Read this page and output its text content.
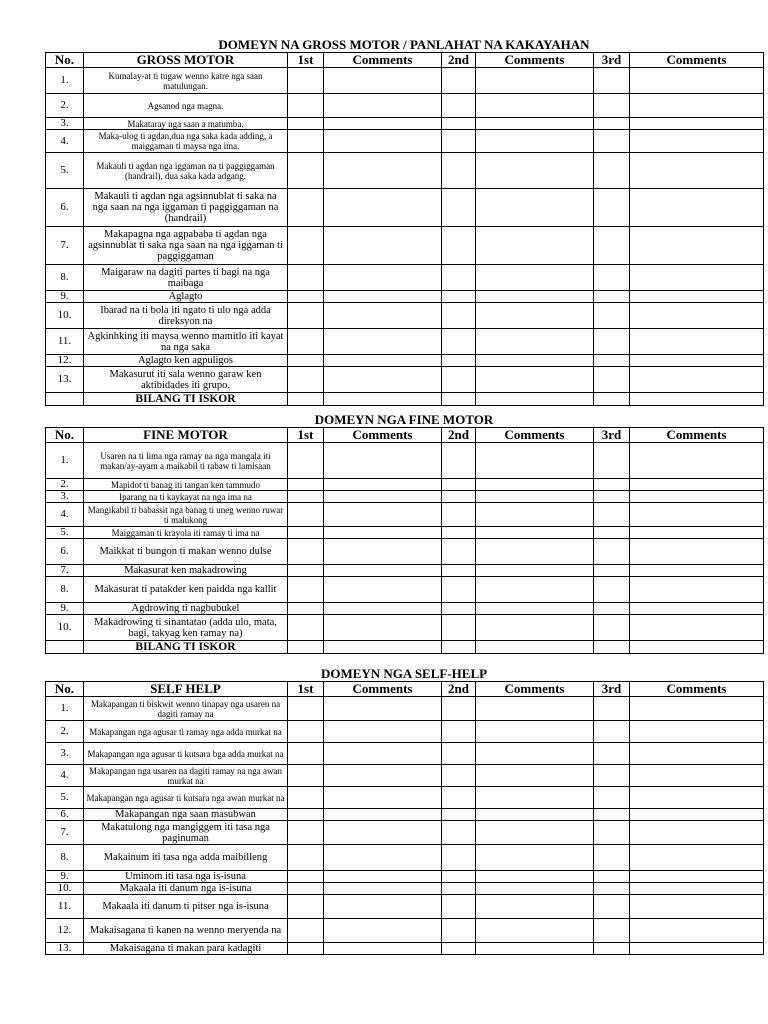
DOMEYN NA GROSS MOTOR / PANLAHAT NA KAKAYAHAN
No.	GROSS MOTOR	1st	Comments	2nd	Comments	3rd	Comments
1.	Kumalay-at ti tugaw wenno katre nga saan matulungan.						
2.	Agsanod nga magna.						
3.	Makataray nga saan a matumba.						
4.	Maka-ulog ti agdan,dua nga saka kada adding, a maiggaman ti maysa nga ima.						
5.	Makauli ti agdan nga iggaman na ti paggiggaman (handrail), dua saka kada adgang.						
6.	Makauli ti agdan nga agsinnublat ti saka na nga saan na nga iggaman ti paggiggaman na (handrail)						
7.	Makapagna nga agpababa ti agdan nga agsinnublat ti saka nga saan na nga iggaman ti paggiggaman						
8.	Maigaraw na dagiti partes ti bagi na nga maibaga						
9.	Aglagto						
10.	Ibarad na ti bola iti ngato ti ulo nga adda direksyon na						
11.	Agkinhking iti maysa wenno mamitlo iti kayat na nga saka						
12.	Aglagto ken agpuligos						
13.	Makasurut iti sala wenno garaw ken aktibidades iti grupo.						
	BILANG TI ISKOR						
DOMEYN NGA FINE MOTOR
No.	FINE MOTOR	1st	Comments	2nd	Comments	3rd	Comments
1.	Usaren na ti lima nga ramay na nga mangala iti makan/ay-ayam a maikabil ti rabaw ti lamisaan						
2.	Mapidot ti banag iti tangan ken tammudo						
3.	Iparang na ti kaykayat na nga ima na						
4.	Mangikabil ti babassit nga banag ti uneg wenno ruwar ti malukong						
5.	Maiggaman ti krayola iti ramay ti ima na						
6.	Maikkat ti bungon ti makan wenno dulse						
7.	Makasurat ken makadrowing						
8.	Makasurat ti patakder ken paidda nga kallit						
9.	Agdrowing ti nagbubukel						
10.	Makadrowing ti sinantatao (adda ulo, mata, bagi, takyag ken ramay na)						
	BILANG TI ISKOR						
DOMEYN NGA SELF-HELP
No.	SELF HELP	1st	Comments	2nd	Comments	3rd	Comments
1.	Makapangan ti biskwit wenno tinapay nga usaren na dagiti ramay na						
2.	Makapangan nga agusar ti ramay nga adda murkat na						
3.	Makapangan nga agusar ti kutsara bga adda murkat na						
4.	Makapangan nga usaren na dagiti ramay na nga awan murkat na						
5.	Makapangan nga agusar ti kutsara nga awan murkat na						
6.	Makapangan nga saan masubwan						
7.	Makatulong nga mangiggem iti tasa nga paginuman						
8.	Makainum iti tasa nga adda maibilleng						
9.	Uminom iti tasa nga is-isuna						
10.	Makaala iti danum nga is-isuna						
11.	Makaala iti danum ti pitser nga is-isuna						
12.	Makaisagana ti kanen na wenno meryenda na						
13.	Makaisagana ti makan para kadagiti						
